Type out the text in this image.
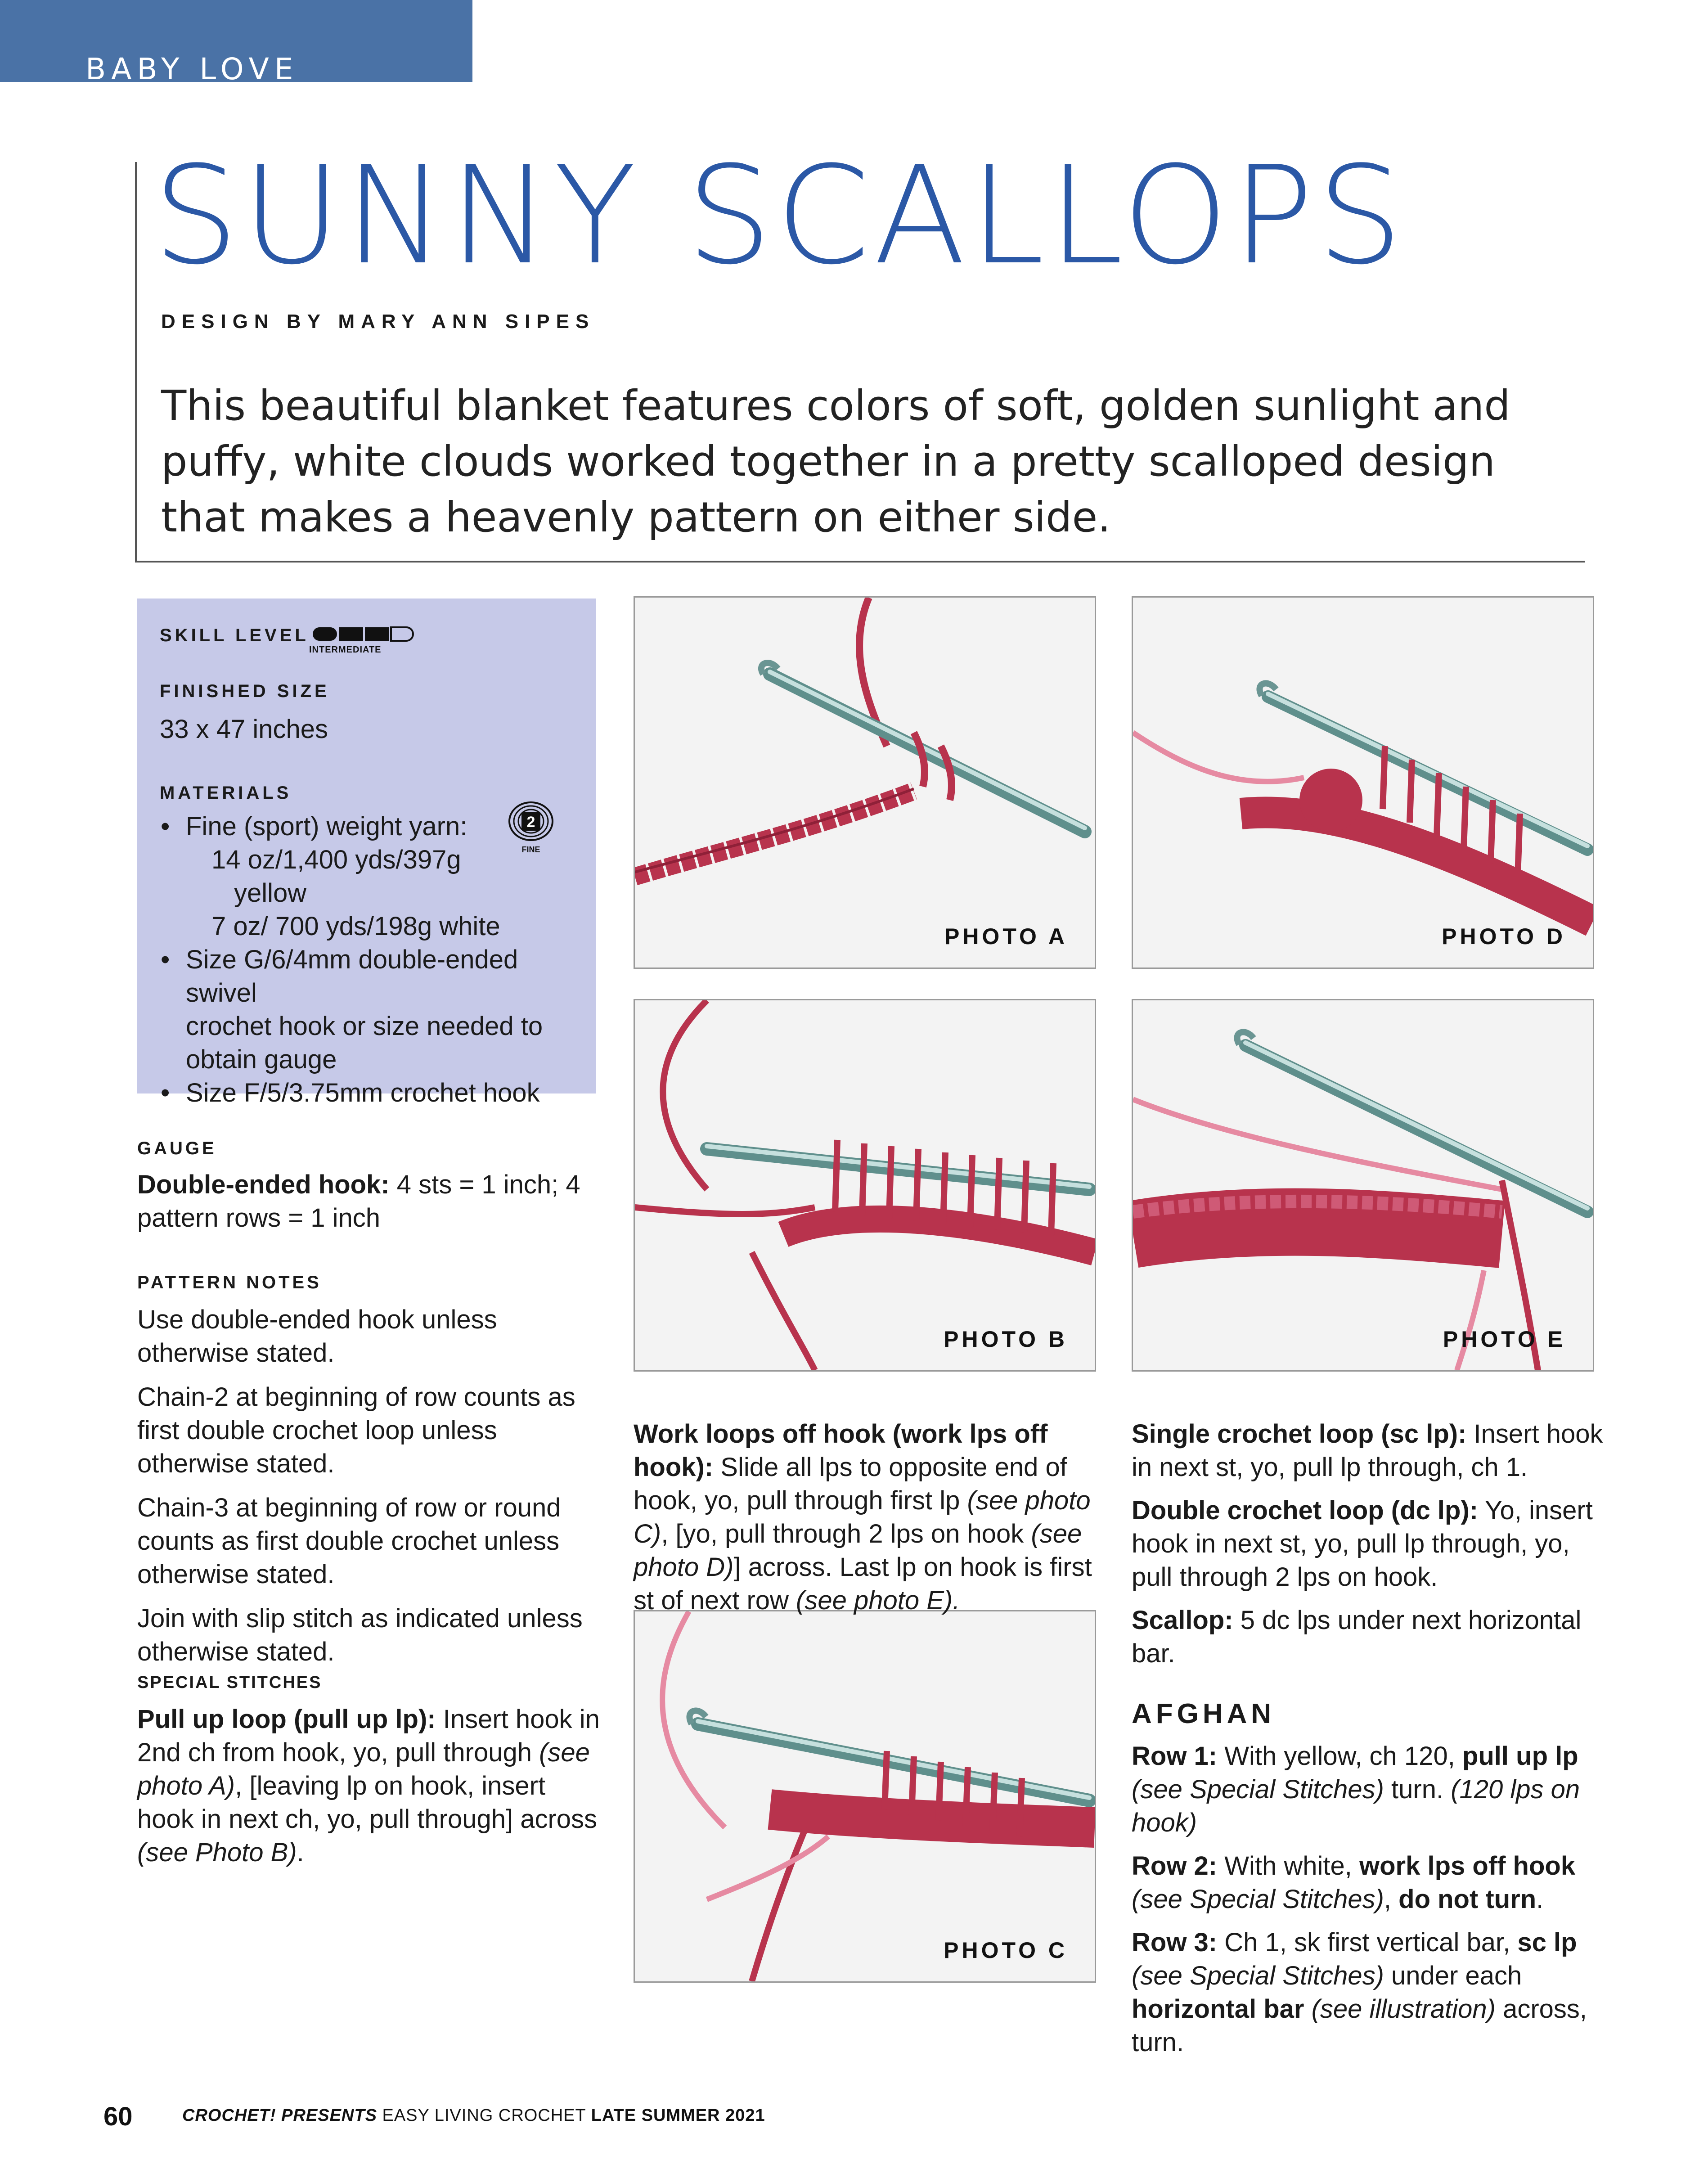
BABY LOVE
SUNNY SCALLOPS
DESIGN BY MARY ANN SIPES
This beautiful blanket features colors of soft, golden sunlight and puffy, white clouds worked together in a pretty scalloped design that makes a heavenly pattern on either side.
SKILL LEVEL
INTERMEDIATE
FINISHED SIZE
33 x 47 inches
MATERIALS
• Fine (sport) weight yarn:
14 oz/1,400 yds/397g
yellow
7 oz/ 700 yds/198g white
• Size G/6/4mm double-ended swivel
crochet hook or size needed to
obtain gauge
• Size F/5/3.75mm crochet hook
2
FINE
GAUGE
Double-ended hook: 4 sts = 1 inch; 4 pattern rows = 1 inch
PATTERN NOTES

Use double-ended hook unless otherwise stated.

Chain-2 at beginning of row counts as first double crochet loop unless otherwise stated.

Chain-3 at beginning of row or round counts as first double crochet unless otherwise stated.

Join with slip stitch as indicated unless otherwise stated.

SPECIAL STITCHES
Pull up loop (pull up lp): Insert hook in 2nd ch from hook, yo, pull through (see photo A), [leaving lp on hook, insert hook in next ch, yo, pull through] across (see Photo B).
PHOTO A	PHOTO D
PHOTO B	PHOTO E
PHOTO C
Work loops off hook (work lps off hook): Slide all lps to opposite end of hook, yo, pull through first lp (see photo C), [yo, pull through 2 lps on hook (see photo D)] across. Last lp on hook is first st of next row (see photo E).

Single crochet loop (sc lp): Insert hook in next st, yo, pull lp through, ch 1.

Double crochet loop (dc lp): Yo, insert hook in next st, yo, pull lp through, yo, pull through 2 lps on hook.

Scallop: 5 dc lps under next horizontal bar.

AFGHAN

Row 1: With yellow, ch 120, pull up lp (see Special Stitches) turn. (120 lps on hook)

Row 2: With white, work lps off hook (see Special Stitches), do not turn.

Row 3: Ch 1, sk first vertical bar, sc lp (see Special Stitches) under each horizontal bar (see illustration) across, turn.

60	CROCHET! PRESENTS EASY LIVING CROCHET LATE SUMMER 2021
